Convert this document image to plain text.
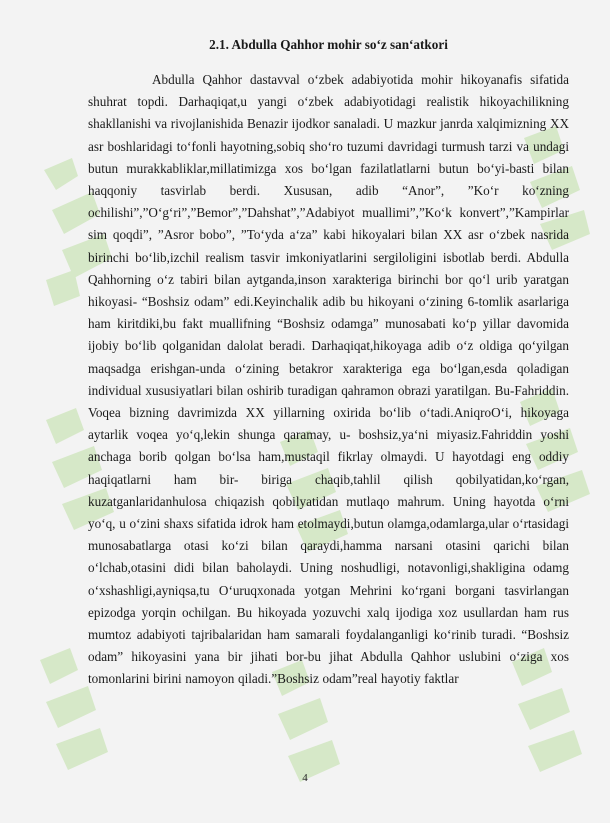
2.1. Abdulla Qahhor mohir so‘z san‘atkori

Abdulla Qahhor dastavval o‘zbek adabiyotida mohir hikoyanafis sifatida shuhrat topdi. Darhaqiqat,u yangi o‘zbek adabiyotidagi realistik hikoyachilikning shakllanishi va rivojlanishida Benazir ijodkor sanaladi. U mazkur janrda xalqimizning XX asr boshlaridagi to‘fonli hayotning,sobiq sho‘ro tuzumi davridagi turmush tarzi va undagi butun murakkabliklar,millatimizga xos bo‘lgan fazilatlatlarni butun bo‘yi-basti bilan haqqoniy tasvirlab berdi. Xususan, adib “Anor”, ”Ko‘r ko‘zning ochilishi”,”O‘g‘ri”,”Bemor”,”Dahshat”,”Adabiyot muallimi”,”Ko‘k konvert”,”Kampirlar sim qoqdi”, ”Asror bobo”, ”To‘yda a‘za” kabi hikoyalari bilan XX asr o‘zbek nasrida birinchi bo‘lib,izchil realism tasvir imkoniyatlarini sergiloligini isbotlab berdi. Abdulla Qahhorning o‘z tabiri bilan aytganda,inson xarakteriga birinchi bor qo‘l urib yaratgan hikoyasi- “Boshsiz odam” edi.Keyinchalik adib bu hikoyani o‘zining 6-tomlik asarlariga ham kiritdiki,bu fakt muallifning “Boshsiz odamga” munosabati ko‘p yillar davomida ijobiy bo‘lib qolganidan dalolat beradi. Darhaqiqat,hikoyaga adib o‘z oldiga qo‘yilgan maqsadga erishgan-unda o‘zining betakror xarakteriga ega bo‘lgan,esda qoladigan individual xususiyatlari bilan oshirib turadigan qahramon obrazi yaratilgan. Bu-Fahriddin. Voqea bizning davrimizda XX yillarning oxirida bo‘lib o‘tadi.AniqroO‘i, hikoyaga aytarlik voqea yo‘q,lekin shunga qaramay, u- boshsiz,ya‘ni miyasiz.Fahriddin yoshi anchaga borib qolgan bo‘lsa ham,mustaqil fikrlay olmaydi. U hayotdagi eng oddiy haqiqatlarni ham bir- biriga chaqib,tahlil qilish qobilyatidan,ko‘rgan, kuzatganlaridanhulosa chiqazish qobilyatidan mutlaqo mahrum. Uning hayotda o‘rni yo‘q, u o‘zini shaxs sifatida idrok ham etolmaydi,butun olamga,odamlarga,ular o‘rtasidagi munosabatlarga otasi ko‘zi bilan qaraydi,hamma narsani otasini qarichi bilan o‘lchab,otasini didi bilan baholaydi. Uning noshudligi, notavonligi,shakligina odamg o‘xshashligi,ayniqsa,tu O‘uruqxonada yotgan Mehrini ko‘rgani borgani tasvirlangan epizodga yorqin ochilgan. Bu hikoyada yozuvchi xalq ijodiga xoz usullardan ham rus mumtoz adabiyoti tajribalaridan ham samarali foydalanganligi ko‘rinib turadi. “Boshsiz odam” hikoyasini yana bir jihati bor-bu jihat Abdulla Qahhor uslubini o‘ziga xos tomonlarini birini namoyon qiladi.”Boshsiz odam”real hayotiy faktlar

4
